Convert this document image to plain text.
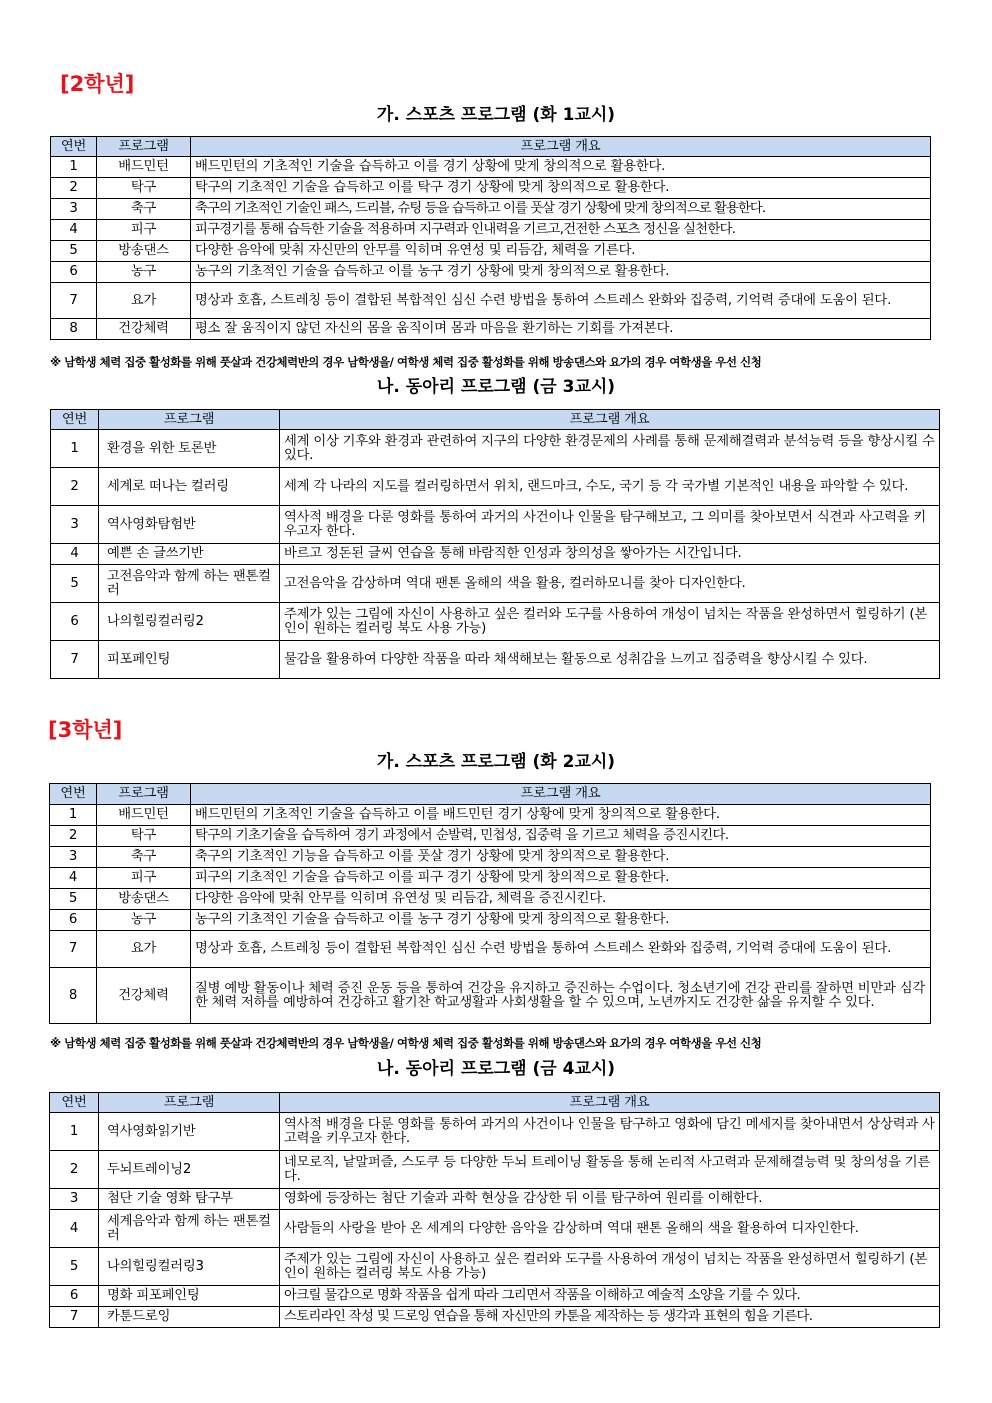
[2학년]
가. 스포츠 프로그램 (화 1교시)
연번	프로그램	프로그램 개요
1	배드민턴	배드민턴의 기초적인 기술을 습득하고 이를 경기 상황에 맞게 창의적으로 활용한다.
2	탁구	탁구의 기초적인 기술을 습득하고 이를 탁구 경기 상황에 맞게 창의적으로 활용한다.
3	축구	축구의 기초적인 기술인 패스, 드리블, 슈팅 등을 습득하고 이를 풋살 경기 상황에 맞게 창의적으로 활용한다.
4	피구	피구경기를 통해 습득한 기술을 적용하며 지구력과 인내력을 기르고,건전한 스포츠 정신을 실천한다.
5	방송댄스	다양한 음악에 맞춰 자신만의 안무를 익히며 유연성 및 리듬감, 체력을 기른다.
6	농구	농구의 기초적인 기술을 습득하고 이를 농구 경기 상황에 맞게 창의적으로 활용한다.
7	요가	명상과 호흡, 스트레칭 등이 결합된 복합적인 심신 수련 방법을 통하여 스트레스 완화와 집중력, 기억력 증대에 도움이 된다.
8	건강체력	평소 잘 움직이지 않던 자신의 몸을 움직이며 몸과 마음을 환기하는 기회를 가져본다.
※ 남학생 체력 집중 활성화를 위해 풋살과 건강체력반의 경우 남학생을/ 여학생 체력 집중 활성화를 위해 방송댄스와 요가의 경우 여학생을 우선 신청
나. 동아리 프로그램 (금 3교시)
연번	프로그램	프로그램 개요
1	환경을 위한 토론반	세계 이상 기후와 환경과 관련하여 지구의 다양한 환경문제의 사례를 통해 문제해결력과 분석능력 등을 향상시킬 수 있다.
2	세계로 떠나는 컬러링	세계 각 나라의 지도를 컬러링하면서 위치, 랜드마크, 수도, 국기 등 각 국가별 기본적인 내용을 파악할 수 있다.
3	역사영화탐험반	역사적 배경을 다룬 영화를 통하여 과거의 사건이나 인물을 탐구해보고, 그 의미를 찾아보면서 식견과 사고력을 키우고자 한다.
4	예쁜 손 글쓰기반	바르고 정돈된 글씨 연습을 통해 바람직한 인성과 창의성을 쌓아가는 시간입니다.
5	고전음악과 함께 하는 팬톤컬러	고전음악을 감상하며 역대 팬톤 올해의 색을 활용, 컬러하모니를 찾아 디자인한다.
6	나의힐링컬러링2	주제가 있는 그림에 자신이 사용하고 싶은 컬러와 도구를 사용하여 개성이 넘치는 작품을 완성하면서 힐링하기 (본인이 원하는 컬러링 북도 사용 가능)
7	피포페인팅	물감을 활용하여 다양한 작품을 따라 채색해보는 활동으로 성취감을 느끼고 집중력을 향상시킬 수 있다.
[3학년]
가. 스포츠 프로그램 (화 2교시)
연번	프로그램	프로그램 개요
1	배드민턴	배드민턴의 기초적인 기술을 습득하고 이를 배드민턴 경기 상황에 맞게 창의적으로 활용한다.
2	탁구	탁구의 기초기술을 습득하여 경기 과정에서 순발력, 민첩성, 집중력 을 기르고 체력을 증진시킨다.
3	축구	축구의 기초적인 기능을 습득하고 이를 풋살 경기 상황에 맞게 창의적으로 활용한다.
4	피구	피구의 기초적인 기술을 습득하고 이를 피구 경기 상황에 맞게 창의적으로 활용한다.
5	방송댄스	다양한 음악에 맞춰 안무를 익히며 유연성 및 리듬감, 체력을 증진시킨다.
6	농구	농구의 기초적인 기술을 습득하고 이를 농구 경기 상황에 맞게 창의적으로 활용한다.
7	요가	명상과 호흡, 스트레칭 등이 결합된 복합적인 심신 수련 방법을 통하여 스트레스 완화와 집중력, 기억력 증대에 도움이 된다.
8	건강체력	질병 예방 활동이나 체력 증진 운동 등을 통하여 건강을 유지하고 증진하는 수업이다. 청소년기에 건강 관리를 잘하면 비만과 심각한 체력 저하를 예방하여 건강하고 활기찬 학교생활과 사회생활을 할 수 있으며, 노년까지도 건강한 삶을 유지할 수 있다.
※ 남학생 체력 집중 활성화를 위해 풋살과 건강체력반의 경우 남학생을/ 여학생 체력 집중 활성화를 위해 방송댄스와 요가의 경우 여학생을 우선 신청
나. 동아리 프로그램 (금 4교시)
연번	프로그램	프로그램 개요
1	역사영화읽기반	역사적 배경을 다룬 영화를 통하여 과거의 사건이나 인물을 탐구하고 영화에 담긴 메세지를 찾아내면서 상상력과 사고력을 키우고자 한다.
2	두뇌트레이닝2	네모로직, 낱말퍼즐, 스도쿠 등 다양한 두뇌 트레이닝 활동을 통해 논리적 사고력과 문제해결능력 및 창의성을 기른다.
3	첨단 기술 영화 탐구부	영화에 등장하는 첨단 기술과 과학 현상을 감상한 뒤 이를 탐구하여 원리를 이해한다.
4	세계음악과 함께 하는 팬톤컬러	사람들의 사랑을 받아 온 세계의 다양한 음악을 감상하며 역대 팬톤 올해의 색을 활용하여 디자인한다.
5	나의힐링컬러링3	주제가 있는 그림에 자신이 사용하고 싶은 컬러와 도구를 사용하여 개성이 넘치는 작품을 완성하면서 힐링하기 (본인이 원하는 컬러링 북도 사용 가능)
6	명화 피포페인팅	아크릴 물감으로 명화 작품을 쉽게 따라 그리면서 작품을 이해하고 예술적 소양을 기를 수 있다.
7	카툰드로잉	스토리라인 작성 및 드로잉 연습을 통해 자신만의 카툰을 제작하는 등 생각과 표현의 힘을 기른다.
